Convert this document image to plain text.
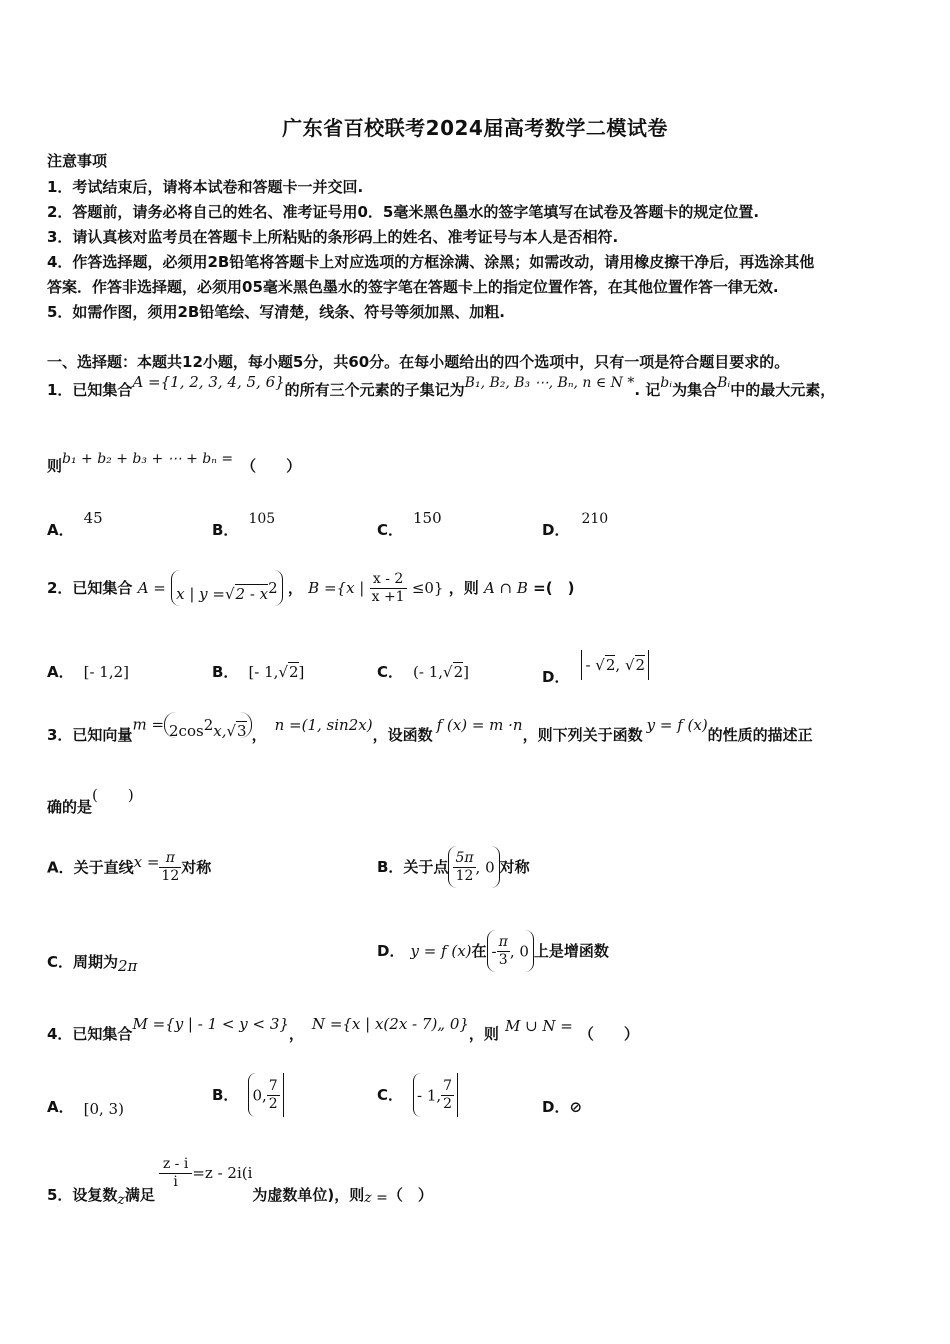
广东省百校联考2024届高考数学二模试卷
注意事项
1．考试结束后，请将本试卷和答题卡一并交回.
2．答题前，请务必将自己的姓名、准考证号用0．5毫米黑色墨水的签字笔填写在试卷及答题卡的规定位置.
3．请认真核对监考员在答题卡上所粘贴的条形码上的姓名、准考证号与本人是否相符.
4．作答选择题，必须用2B铅笔将答题卡上对应选项的方框涂满、涂黑；如需改动，请用橡皮擦干净后，再选涂其他
答案．作答非选择题，必须用05毫米黑色墨水的签字笔在答题卡上的指定位置作答，在其他位置作答一律无效.
5．如需作图，须用2B铅笔绘、写清楚，线条、符号等须加黑、加粗.
一、选择题：本题共12小题，每小题5分，共60分。在每小题给出的四个选项中，只有一项是符合题目要求的。
1．已知集合A ={1, 2, 3, 4, 5, 6}的所有三个元素的子集记为B₁, B₂, B₃ ⋯, Bₙ, n ∈ N *. 记bᵢ为集合Bᵢ中的最大元素，
则b₁ + b₂ + b₃ + ⋯ + bₙ = （　　）
A．45
B．105
C．150
D．210
2．已知集合 A = x | $y =√2 - x^2$ ， B ={x | $\frac{x - 2}{x +1} \le 0$} ，则 A ∩ B =(　)
A． [- 1,2]	B． [- 1,√2]	C． (- 1,√2]	D．- √2, √2
3．已知向量$m = 2\cos^2x,√3$ ，n =(1, sin2x)，设函数f (x) = m ·n，则下列关于函数y = f (x)的性质的描述正
确的是(　　)
A．关于直线$x = \frac{\pi}{12}$ 对称	B．关于点 $\frac{5\pi}{12}$ , 0 对称
C．周期为2π
D． y = f (x)在 - $\frac{\pi}{3}$ , 0 上是增函数
4．已知集合M ={y | - 1 < y < 3}，N ={x | x(2x - 7)„ 0}，则 M ∪ N = （　　）
A． [0, 3)
B． 0, $\frac{7}{2}$	C． - 1, $\frac{7}{2}$	D．⊘
5．设复数z满足
$\frac{z - i}{i} =z - 2i(i$为虚数单位)，则z =（　）
